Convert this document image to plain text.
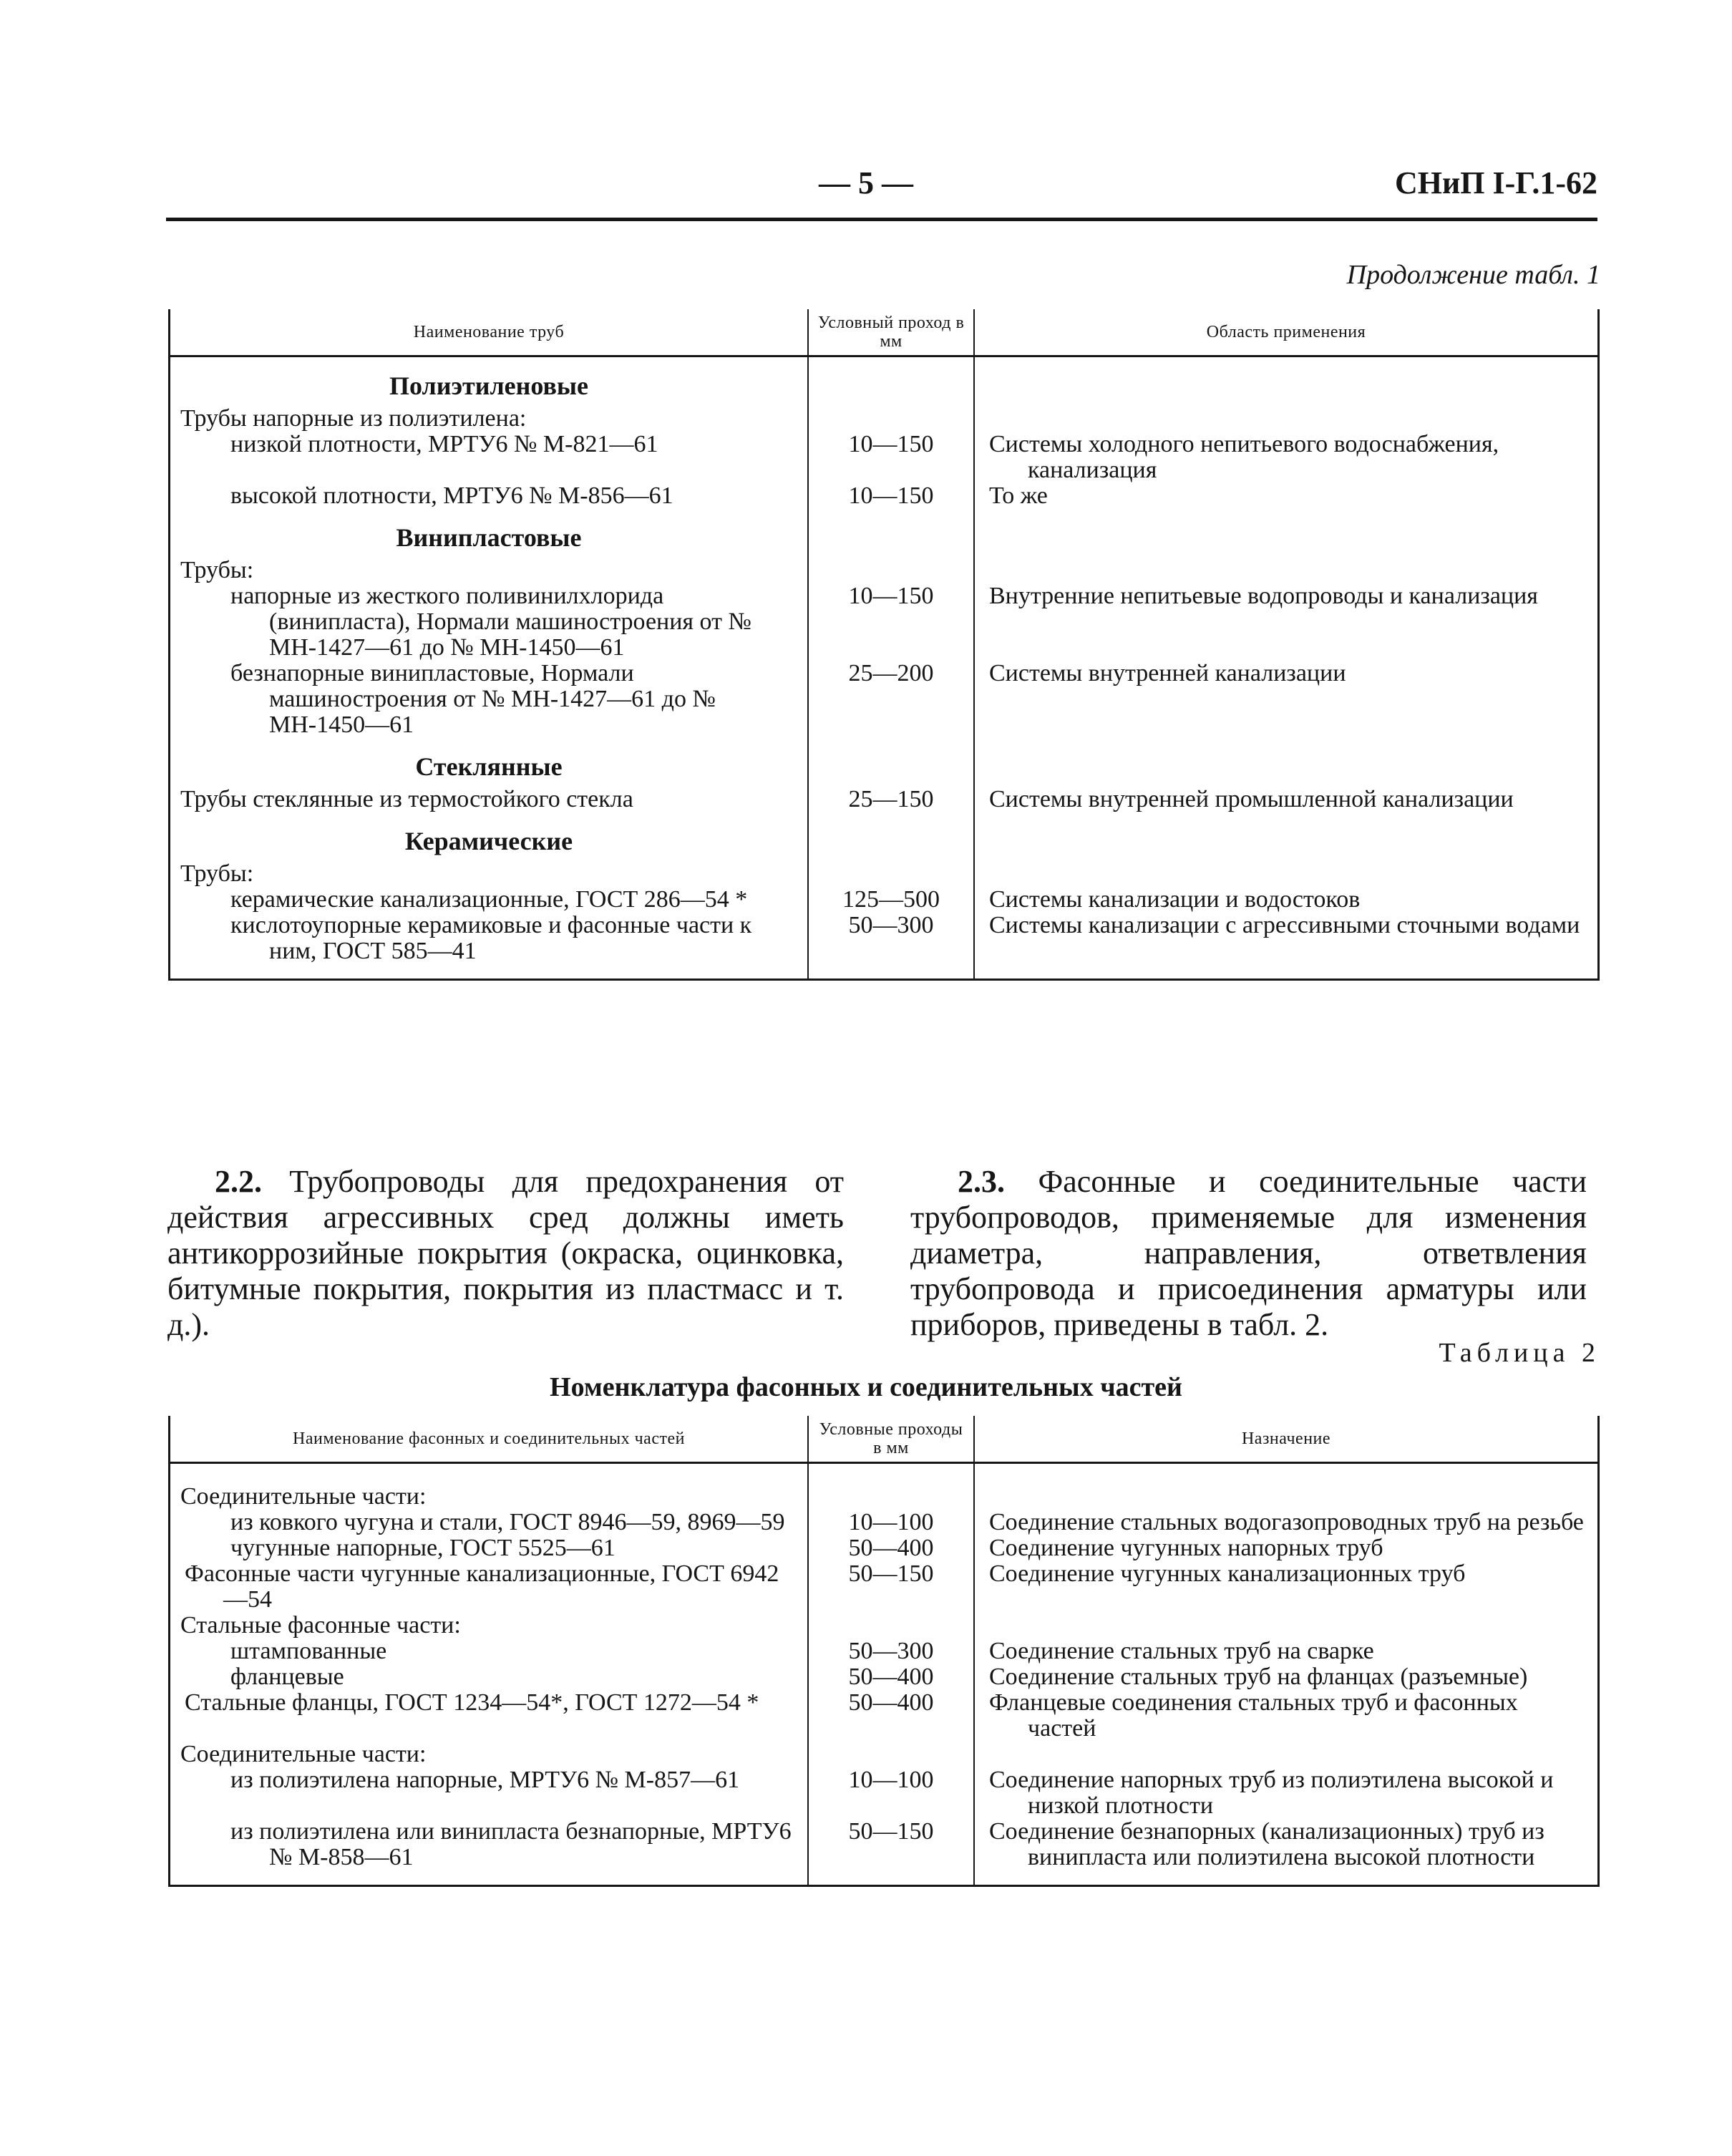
— 5 —	СНиП I-Г.1-62
Продолжение табл. 1
Наименование труб	Условный проход в мм	Область применения
Полиэтиленовые		
Трубы напорные из полиэтилена:		
низкой плотности, МРТУ6 № М-821—61	10—150	Системы холодного непитьевого водоснабжения, канализация
высокой плотности, МРТУ6 № М-856—61	10—150	То же
Винипластовые		
Трубы:		
напорные из жесткого поливинилхлорида (винипласта), Нормали машиностроения от № МН-1427—61 до № МН-1450—61	10—150	Внутренние непитьевые водопроводы и канализация
безнапорные винипластовые, Нормали машиностроения от № МН-1427—61 до № МН-1450—61	25—200	Системы внутренней канализации
Стеклянные		
Трубы стеклянные из термостойкого стекла	25—150	Системы внутренней промышленной канализации
Керамические		
Трубы:		
керамические канализационные, ГОСТ 286—54 *	125—500	Системы канализации и водостоков
кислотоупорные керамиковые и фасонные части к ним, ГОСТ 585—41	50—300	Системы канализации с агрессивными сточными водами

2.2. Трубопроводы для предохранения от действия агрессивных сред должны иметь антикоррозийные покрытия (окраска, оцинковка, битумные покрытия, покрытия из пластмасс и т. д.).
2.3. Фасонные и соединительные части трубопроводов, применяемые для изменения диаметра, направления, ответвления трубопровода и присоединения арматуры или приборов, приведены в табл. 2.
Таблица 2
Номенклатура фасонных и соединительных частей
Наименование фасонных и соединительных частей	Условные проходы в мм	Назначение

Соединительные части:		
из ковкого чугуна и стали, ГОСТ 8946—59, 8969—59	10—100	Соединение стальных водогазопроводных труб на резьбе
чугунные напорные, ГОСТ 5525—61	50—400	Соединение чугунных напорных труб
Фасонные части чугунные канализационные, ГОСТ 6942—54	50—150	Соединение чугунных канализационных труб
Стальные фасонные части:		
штампованные	50—300	Соединение стальных труб на сварке
фланцевые	50—400	Соединение стальных труб на фланцах (разъемные)
Стальные фланцы, ГОСТ 1234—54*, ГОСТ 1272—54 *	50—400	Фланцевые соединения стальных труб и фасонных частей
Соединительные части:		
из полиэтилена напорные, МРТУ6 № М-857—61	10—100	Соединение напорных труб из полиэтилена высокой и низкой плотности
из полиэтилена или винипласта безнапорные, МРТУ6 № М-858—61	50—150	Соединение безнапорных (канализационных) труб из винипласта или полиэтилена высокой плотности
